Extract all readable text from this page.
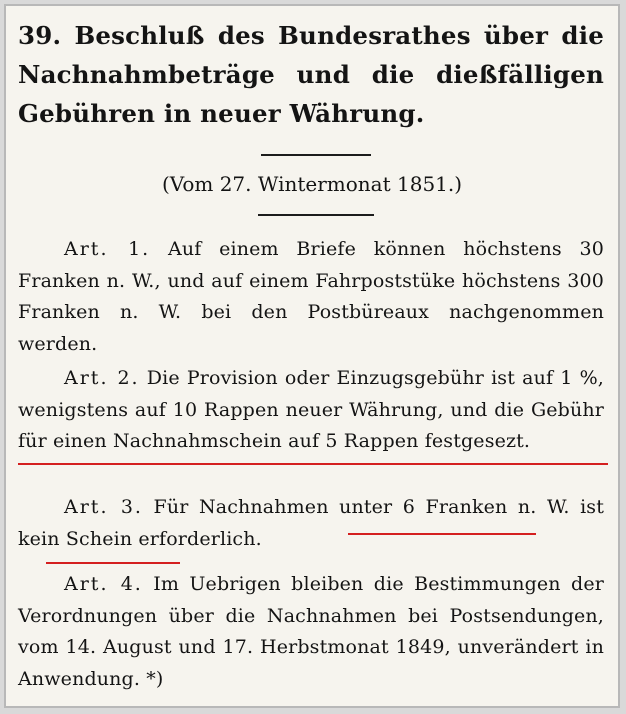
39. Beschluß des Bundesrathes über die Nachnahmbeträge und die dießfälligen Gebühren in neuer Währung.
(Vom 27. Wintermonat 1851.)
Art. 1. Auf einem Briefe können höchstens 30 Franken n. W., und auf einem Fahrpoststüke höchstens 300 Franken n. W. bei den Postbüreaux nachgenommen werden.
Art. 2. Die Provision oder Einzugsgebühr ist auf 1 %, wenigstens auf 10 Rappen neuer Währung, und die Gebühr für einen Nachnahmschein auf 5 Rappen festgesezt.
Art. 3. Für Nachnahmen unter 6 Franken n. W. ist kein Schein erforderlich.
Art. 4. Im Uebrigen bleiben die Bestimmungen der Verordnungen über die Nachnahmen bei Postsendungen, vom 14. August und 17. Herbstmonat 1849, unverändert in Anwendung. *)
